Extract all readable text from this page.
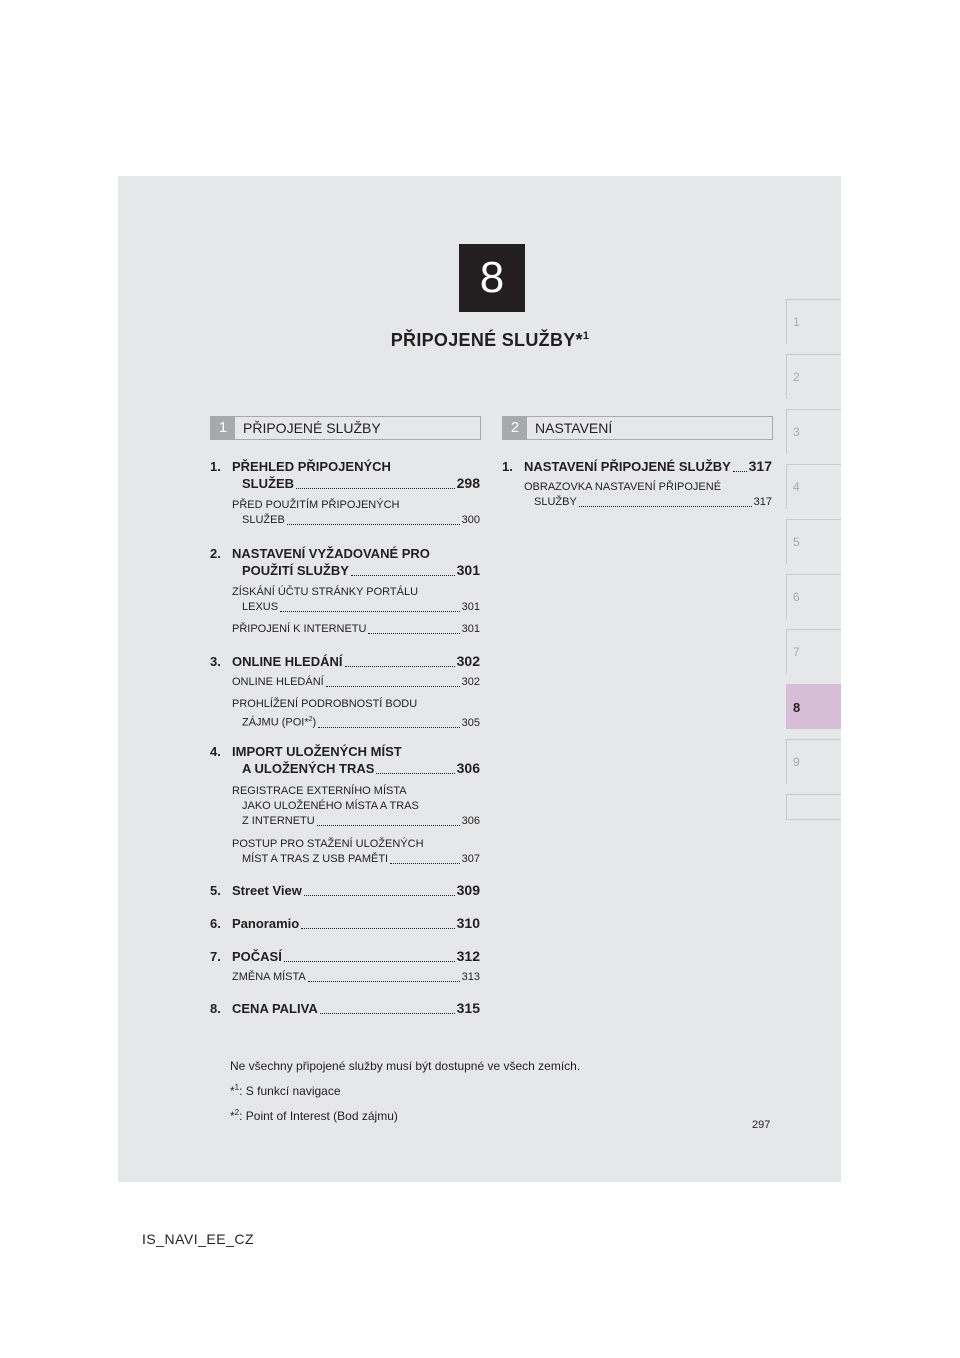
8
PŘIPOJENÉ SLUŽBY*$^1$
1
2
3
4
5
6
7
8
9
1	PŘIPOJENÉ SLUŽBY	2	NASTAVENÍ
1. PŘEHLED PŘIPOJENÝCH
SLUŽEB	298
PŘED POUŽITÍM PŘIPOJENÝCH
SLUŽEB	300
2. NASTAVENÍ VYŽADOVANÉ PRO
POUŽITÍ SLUŽBY	301
ZÍSKÁNÍ ÚČTU STRÁNKY PORTÁLU
LEXUS	301
PŘIPOJENÍ K INTERNETU	301
3. ONLINE HLEDÁNÍ	302
ONLINE HLEDÁNÍ	302
PROHLÍŽENÍ PODROBNOSTÍ BODU
ZÁJMU (POI*$^2$)	305
4. IMPORT ULOŽENÝCH MÍST
A ULOŽENÝCH TRAS	306
REGISTRACE EXTERNÍHO MÍSTA
JAKO ULOŽENÉHO MÍSTA A TRAS
Z INTERNETU	306
POSTUP PRO STAŽENÍ ULOŽENÝCH
MÍST A TRAS Z USB PAMĚTI	307
5. Street View	309
6. Panoramio	310
7. POČASÍ	312
ZMĚNA MÍSTA	313
8. CENA PALIVA	315
1. NASTAVENÍ PŘIPOJENÉ SLUŽBY 317
OBRAZOVKA NASTAVENÍ PŘIPOJENÉ
SLUŽBY	317
Ne všechny připojené služby musí být dostupné ve všech zemích.
*$^1$: S funkcí navigace
*$^2$: Point of Interest (Bod zájmu)
297
IS_NAVI_EE_CZ
